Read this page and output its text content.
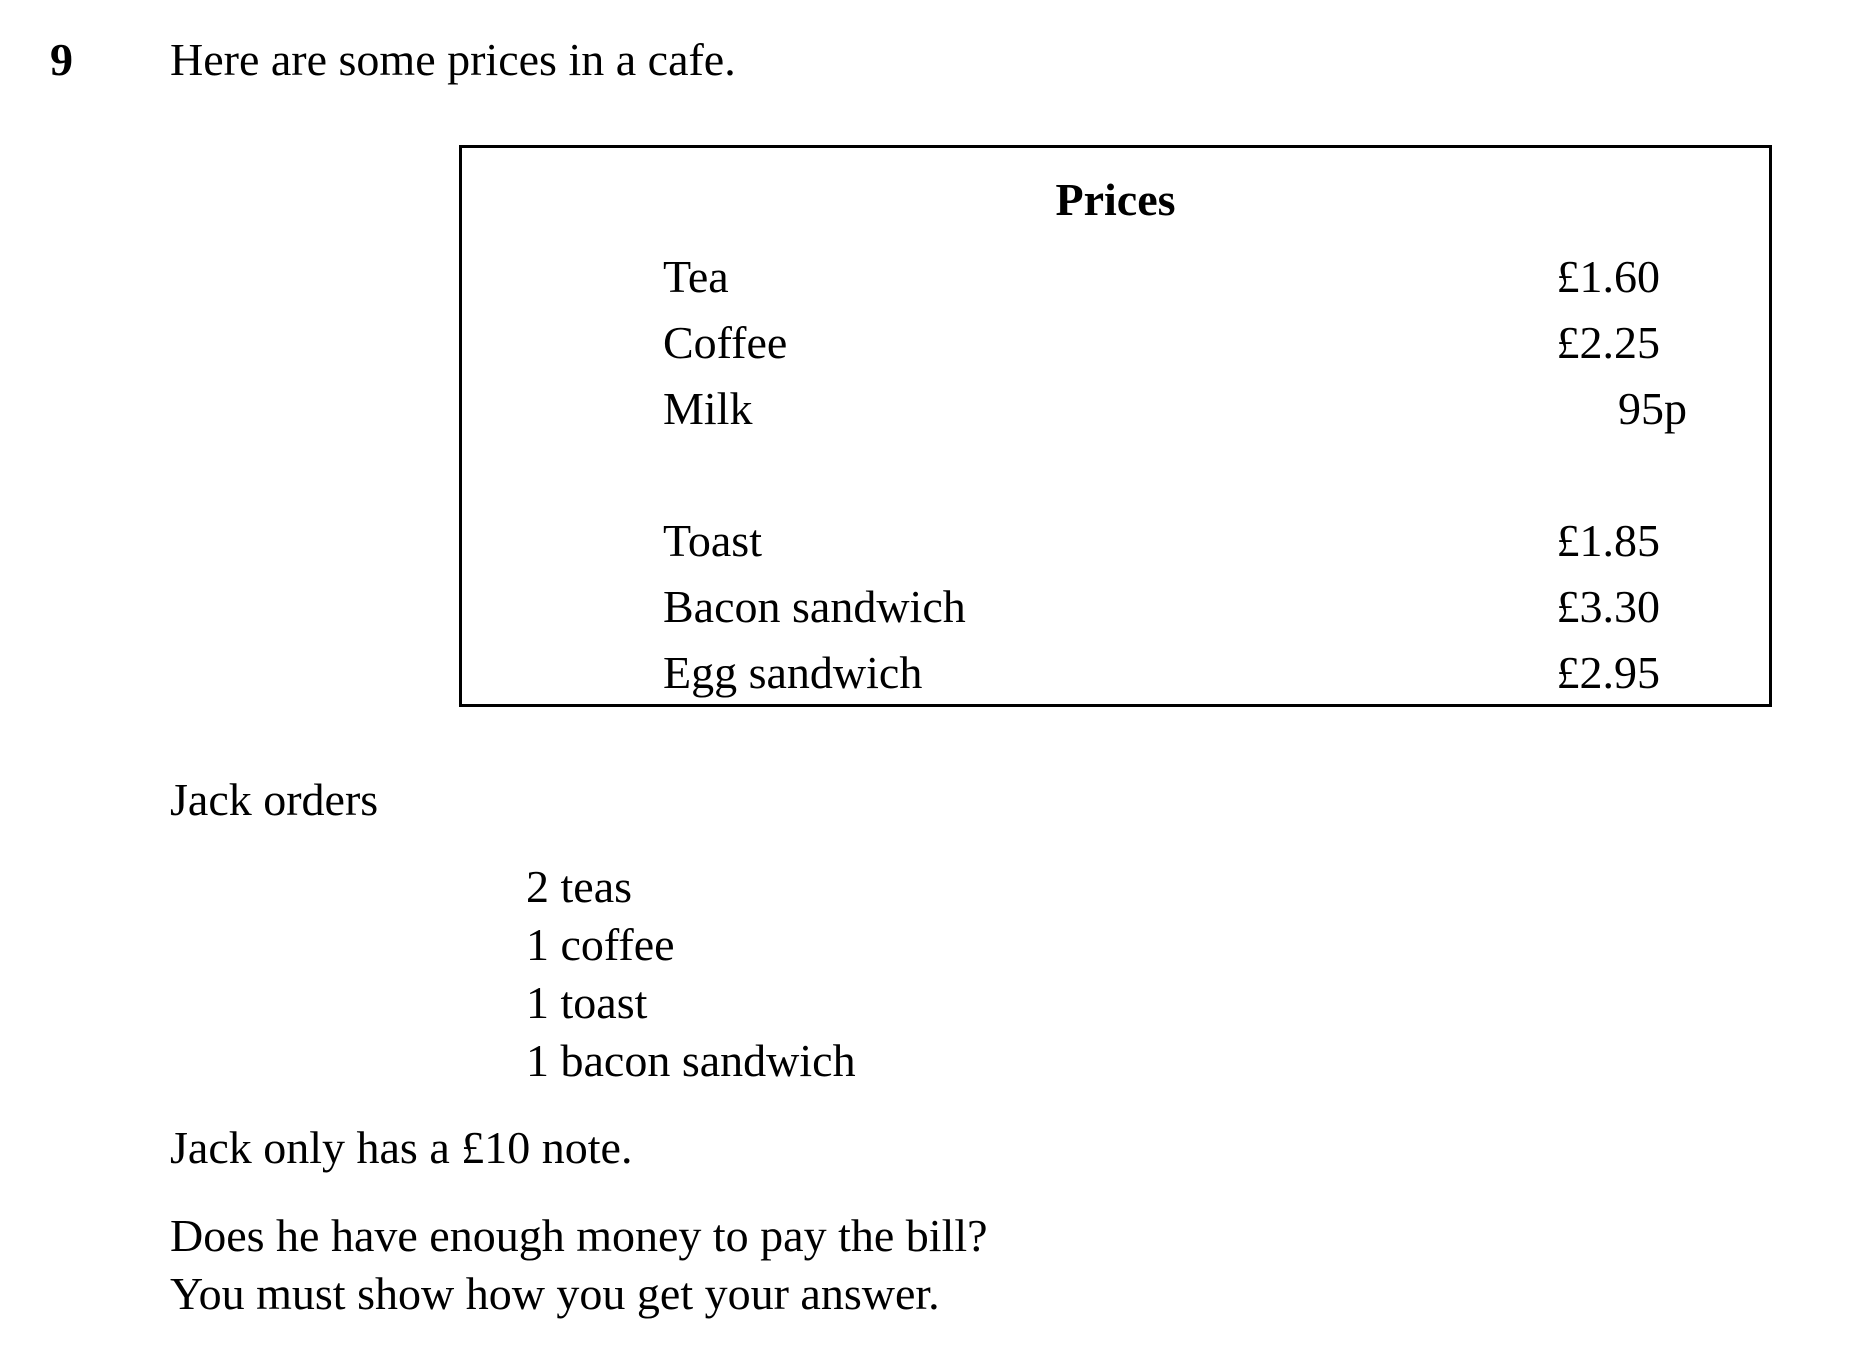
9 Here are some prices in a cafe.
Prices
Tea	£1.60
Coffee	£2.25
Milk	95p
Toast	£1.85
Bacon sandwich	£3.30
Egg sandwich	£2.95
Jack orders
2 teas
1 coffee
1 toast
1 bacon sandwich
Jack only has a £10 note.
Does he have enough money to pay the bill?
You must show how you get your answer.
